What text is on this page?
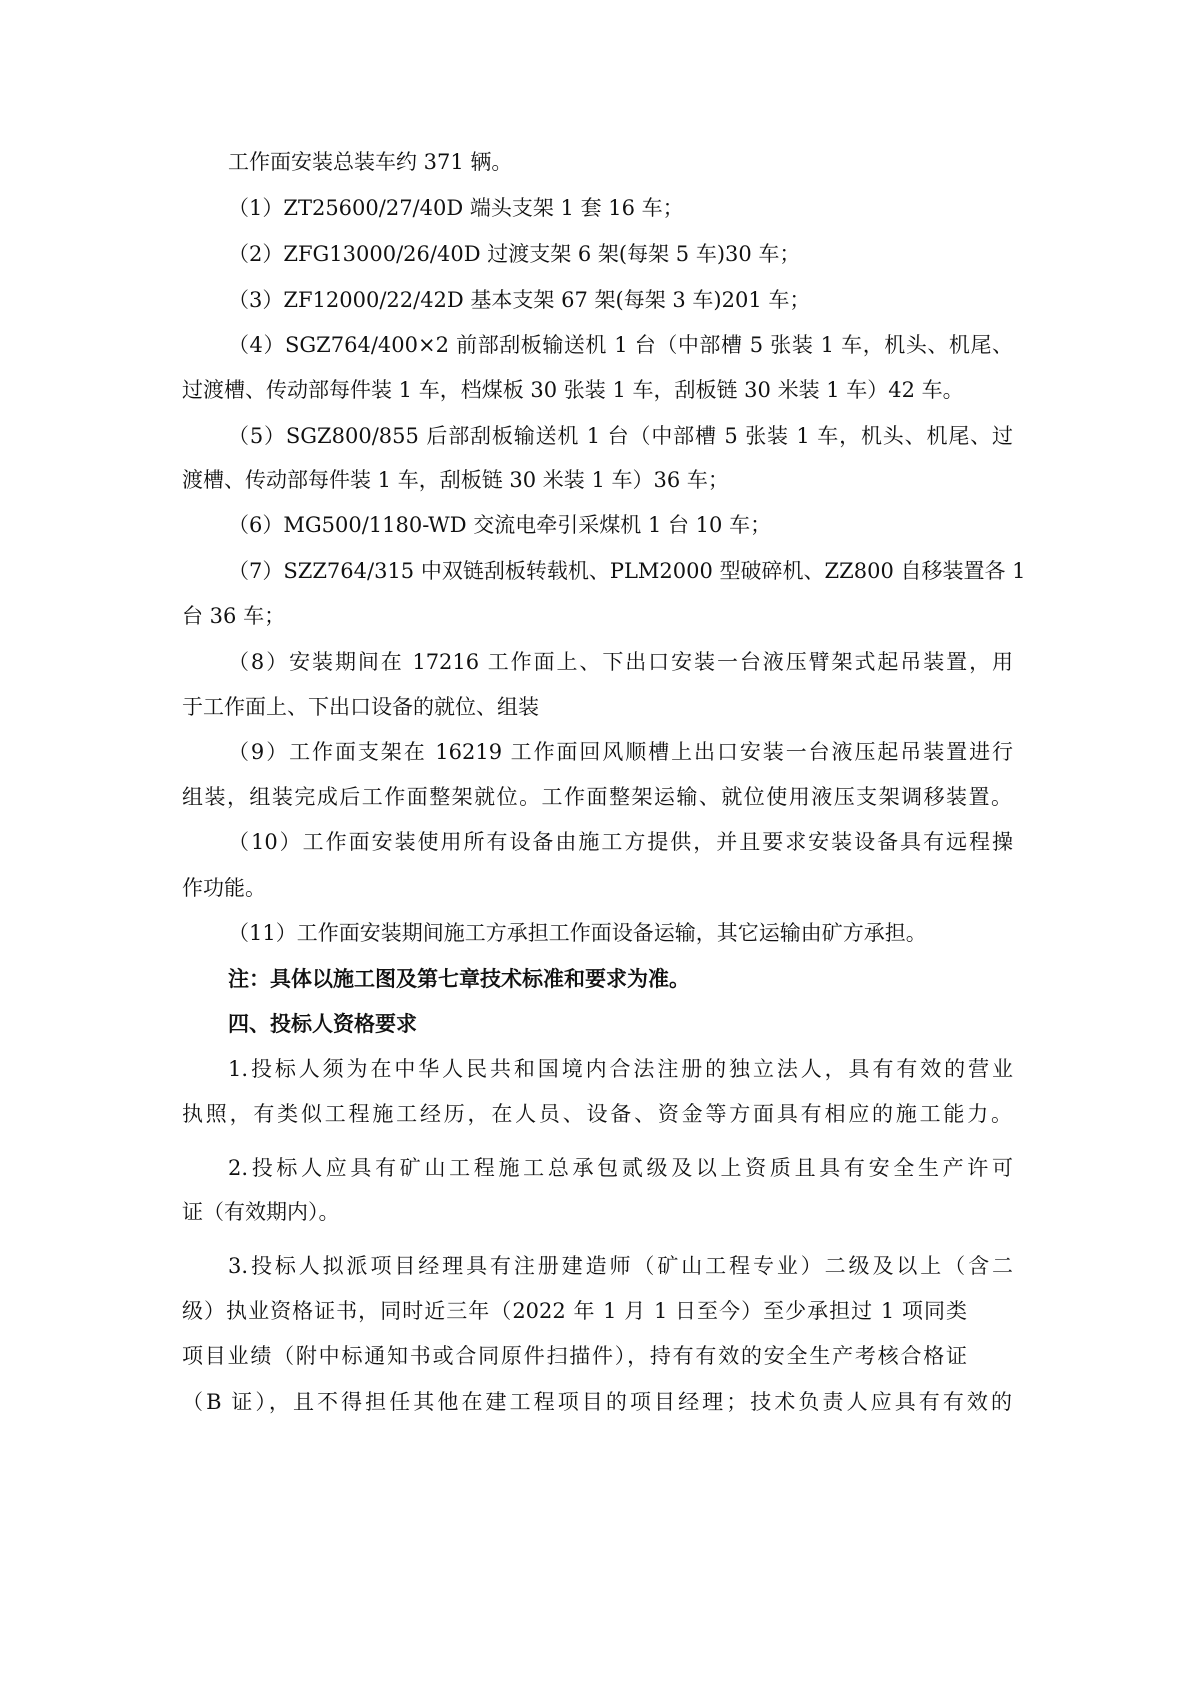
工作面安装总装车约 371 辆。
（1）ZT25600/27/40D 端头支架 1 套 16 车；
（2）ZFG13000/26/40D 过渡支架 6 架(每架 5 车)30 车；
（3）ZF12000/22/42D 基本支架 67 架(每架 3 车)201 车；
（4）SGZ764/400×2 前部刮板输送机 1 台（中部槽 5 张装 1 车，机头、机尾、
过渡槽、传动部每件装 1 车，档煤板 30 张装 1 车，刮板链 30 米装 1 车）42 车。
（5）SGZ800/855 后部刮板输送机 1 台（中部槽 5 张装 1 车，机头、机尾、过
渡槽、传动部每件装 1 车，刮板链 30 米装 1 车）36 车；
（6）MG500/1180-WD 交流电牵引采煤机 1 台 10 车；
（7）SZZ764/315 中双链刮板转载机、PLM2000 型破碎机、ZZ800 自移装置各 1
台 36 车；
（8）安装期间在 17216 工作面上、下出口安装一台液压臂架式起吊装置，用
于工作面上、下出口设备的就位、组装
（9）工作面支架在 16219 工作面回风顺槽上出口安装一台液压起吊装置进行
组装，组装完成后工作面整架就位。工作面整架运输、就位使用液压支架调移装置。
（10）工作面安装使用所有设备由施工方提供，并且要求安装设备具有远程操
作功能。
（11）工作面安装期间施工方承担工作面设备运输，其它运输由矿方承担。
注：具体以施工图及第七章技术标准和要求为准。
四、投标人资格要求
1.投标人须为在中华人民共和国境内合法注册的独立法人，具有有效的营业
执照，有类似工程施工经历，在人员、设备、资金等方面具有相应的施工能力。
2.投标人应具有矿山工程施工总承包贰级及以上资质且具有安全生产许可
证（有效期内）。
3.投标人拟派项目经理具有注册建造师（矿山工程专业）二级及以上（含二
级）执业资格证书，同时近三年（2022 年 1 月 1 日至今）至少承担过 1 项同类
项目业绩（附中标通知书或合同原件扫描件），持有有效的安全生产考核合格证
（B 证），且不得担任其他在建工程项目的项目经理；技术负责人应具有有效的
